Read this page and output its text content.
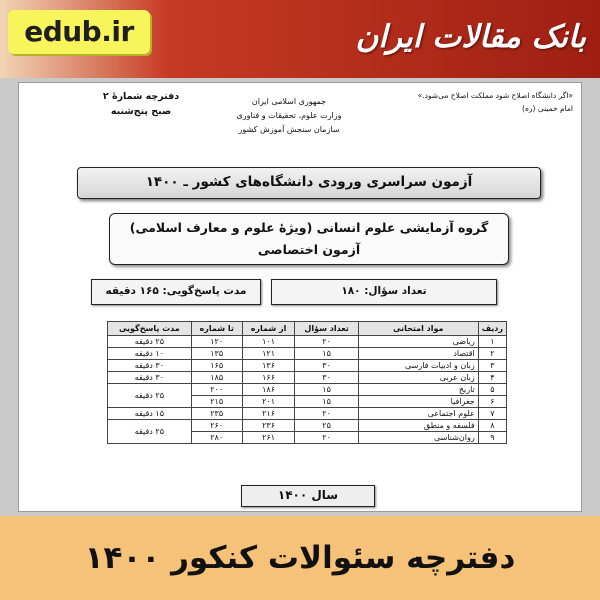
edub.ir	بانک مقالات ایران
دفترچه شمارهٔ ۲
صبح پنج‌شنبه
جمهوری اسلامی ایران
وزارت علوم، تحقیقات و فناوری
سازمان سنجش آموزش کشور
«اگر دانشگاه اصلاح شود مملکت اصلاح می‌شود.»
امام خمینی (ره)
آزمون سراسری ورودی دانشگاه‌های کشور ـ ۱۴۰۰
گروه آزمایشی علوم انسانی (ویژهٔ علوم و معارف اسلامی)
آزمون اختصاصی
تعداد سؤال: ۱۸۰
مدت پاسخ‌گویی: ۱۶۵ دقیقه
ردیف	مواد امتحانی	تعداد سؤال	از شماره	تا شماره	مدت پاسخ‌گویی
۱	ریاضی	۲۰	۱۰۱	۱۲۰	۲۵ دقیقه
۲	اقتصاد	۱۵	۱۲۱	۱۳۵	۱۰ دقیقه
۳	زبان و ادبیات فارسی	۳۰	۱۳۶	۱۶۵	۳۰ دقیقه
۴	زبان عربی	۳۰	۱۶۶	۱۸۵	۳۰ دقیقه
۵	تاریخ	۱۵	۱۸۶	۲۰۰	۲۵ دقیقه
۶	جغرافیا	۱۵	۲۰۱	۲۱۵	
۷	علوم اجتماعی	۲۰	۲۱۶	۲۳۵	۱۵ دقیقه
۸	فلسفه و منطق	۲۵	۲۳۶	۲۶۰	۲۵ دقیقه
۹	روان‌شناسی	۲۰	۲۶۱	۲۸۰	
سال ۱۴۰۰
دفترچه سئوالات کنکور ۱۴۰۰
